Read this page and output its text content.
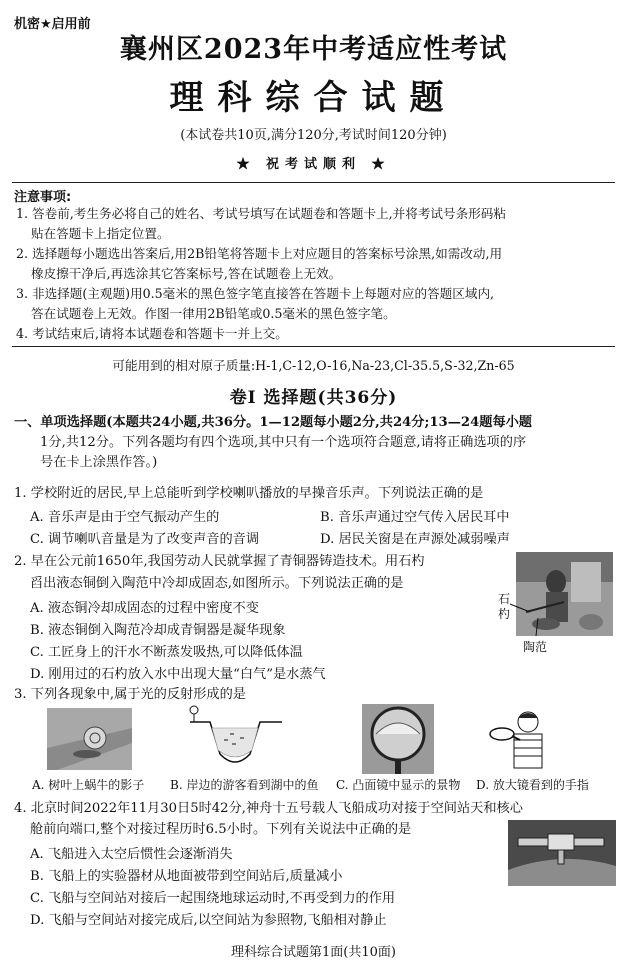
机密★启用前
襄州区2023年中考适应性考试
理科综合试题
(本试卷共10页,满分120分,考试时间120分钟)
★ 祝考试顺利 ★
注意事项:
1. 答卷前,考生务必将自己的姓名、考试号填写在试题卷和答题卡上,并将考试号条形码粘
贴在答题卡上指定位置。
2. 选择题每小题选出答案后,用2B铅笔将答题卡上对应题目的答案标号涂黑,如需改动,用
橡皮擦干净后,再选涂其它答案标号,答在试题卷上无效。
3. 非选择题(主观题)用0.5毫米的黑色签字笔直接答在答题卡上每题对应的答题区域内,
答在试题卷上无效。作图一律用2B铅笔或0.5毫米的黑色签字笔。
4. 考试结束后,请将本试题卷和答题卡一并上交。
可能用到的相对原子质量:H-1,C-12,O-16,Na-23,Cl-35.5,S-32,Zn-65
卷Ⅰ 选择题(共36分)
一、单项选择题(本题共24小题,共36分。1—12题每小题2分,共24分;13—24题每小题
1分,共12分。下列各题均有四个选项,其中只有一个选项符合题意,请将正确选项的序
号在卡上涂黑作答。)
1. 学校附近的居民,早上总能听到学校喇叭播放的早操音乐声。下列说法正确的是
A. 音乐声是由于空气振动产生的	B. 音乐声通过空气传入居民耳中
C. 调节喇叭音量是为了改变声音的音调	D. 居民关窗是在声源处减弱噪声
2. 早在公元前1650年,我国劳动人民就掌握了青铜器铸造技术。用石杓
舀出液态铜倒入陶范中冷却成固态,如图所示。下列说法正确的是
A. 液态铜冷却成固态的过程中密度不变
B. 液态铜倒入陶范冷却成青铜器是凝华现象
C. 工匠身上的汗水不断蒸发吸热,可以降低体温
D. 刚用过的石杓放入水中出现大量“白气”是水蒸气
石
杓
陶范
3. 下列各现象中,属于光的反射形成的是
A. 树叶上蜗牛的影子 B. 岸边的游客看到湖中的鱼 C. 凸面镜中显示的景物 D. 放大镜看到的手指
4. 北京时间2022年11月30日5时42分,神舟十五号载人飞船成功对接于空间站天和核心
舱前向端口,整个对接过程历时6.5小时。下列有关说法中正确的是
A. 飞船进入太空后惯性会逐渐消失
B. 飞船上的实验器材从地面被带到空间站后,质量减小
C. 飞船与空间站对接后一起围绕地球运动时,不再受到力的作用
D. 飞船与空间站对接完成后,以空间站为参照物,飞船相对静止
理科综合试题第1面(共10面)
